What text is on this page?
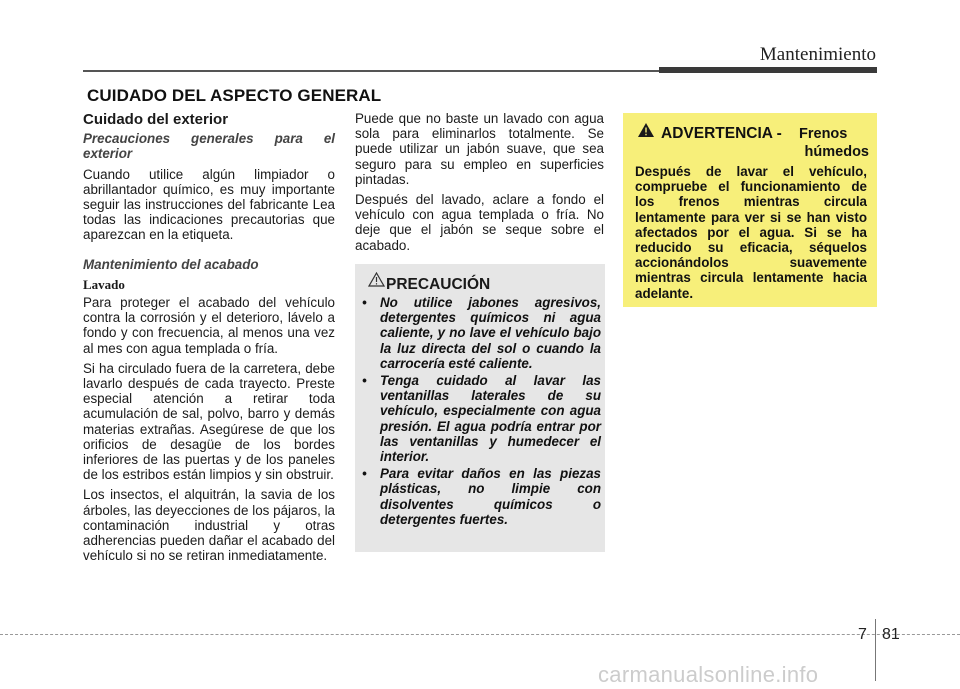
Mantenimiento
CUIDADO DEL ASPECTO GENERAL

Cuidado del exterior

Precauciones generales para el exterior

Cuando utilice algún limpiador o abrillantador químico, es muy importante seguir las instrucciones del fabricante Lea todas las indicaciones precautorias que aparezcan en la etiqueta.

Mantenimiento del acabado

Lavado

Para proteger el acabado del vehículo contra la corrosión y el deterioro, lávelo a fondo y con frecuencia, al menos una vez al mes con agua templada o fría.

Si ha circulado fuera de la carretera, debe lavarlo después de cada trayecto. Preste especial atención a retirar toda acumulación de sal, polvo, barro y demás materias extrañas. Asegúrese de que los orificios de desagüe de los bordes inferiores de las puertas y de los paneles de los estribos están limpios y sin obstruir.

Los insectos, el alquitrán, la savia de los árboles, las deyecciones de los pájaros, la contaminación industrial y otras adherencias pueden dañar el acabado del vehículo si no se retiran inmediatamente.

Puede que no baste un lavado con agua sola para eliminarlos totalmente. Se puede utilizar un jabón suave, que sea seguro para su empleo en superficies pintadas.

Después del lavado, aclare a fondo el vehículo con agua templada o fría. No deje que el jabón se seque sobre el acabado.

PRECAUCIÓN
• No utilice jabones agresivos, detergentes químicos ni agua caliente, y no lave el vehículo bajo la luz directa del sol o cuando la carrocería esté caliente.
• Tenga cuidado al lavar las ventanillas laterales de su vehículo, especialmente con agua presión. El agua podría entrar por las ventanillas y humedecer el interior.
• Para evitar daños en las piezas plásticas, no limpie con disolventes químicos o detergentes fuertes.
ADVERTENCIA - Frenos
húmedos

Después de lavar el vehículo, compruebe el funcionamiento de los frenos mientras circula lentamente para ver si se han visto afectados por el agua. Si se ha reducido su eficacia, séquelos accionándolos suavemente mientras circula lentamente hacia adelante.

7 81
carmanualsonline.info
